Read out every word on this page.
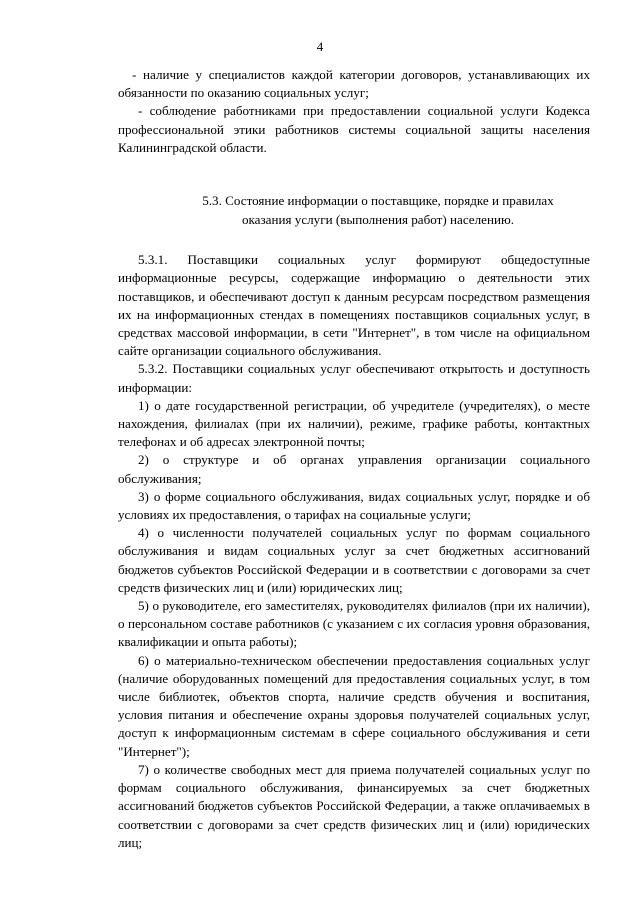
4

- наличие у специалистов каждой категории договоров, устанавливающих их обязанности по оказанию социальных услуг;

- соблюдение работниками при предоставлении социальной услуги Кодекса профессиональной этики работников системы социальной защиты населения Калининградской области.

5.3. Состояние информации о поставщике, порядке и правилах
оказания услуги (выполнения работ) населению.

5.3.1. Поставщики социальных услуг формируют общедоступные информационные ресурсы, содержащие информацию о деятельности этих поставщиков, и обеспечивают доступ к данным ресурсам посредством размещения их на информационных стендах в помещениях поставщиков социальных услуг, в средствах массовой информации, в сети "Интернет", в том числе на официальном сайте организации социального обслуживания.

5.3.2. Поставщики социальных услуг обеспечивают открытость и доступность информации:

1) о дате государственной регистрации, об учредителе (учредителях), о месте нахождения, филиалах (при их наличии), режиме, графике работы, контактных телефонах и об адресах электронной почты;

2) о структуре и об органах управления организации социального обслуживания;

3) о форме социального обслуживания, видах социальных услуг, порядке и об условиях их предоставления, о тарифах на социальные услуги;

4) о численности получателей социальных услуг по формам социального обслуживания и видам социальных услуг за счет бюджетных ассигнований бюджетов субъектов Российской Федерации и в соответствии с договорами за счет средств физических лиц и (или) юридических лиц;

5) о руководителе, его заместителях, руководителях филиалов (при их наличии), о персональном составе работников (с указанием с их согласия уровня образования, квалификации и опыта работы);

6) о материально-техническом обеспечении предоставления социальных услуг (наличие оборудованных помещений для предоставления социальных услуг, в том числе библиотек, объектов спорта, наличие средств обучения и воспитания, условия питания и обеспечение охраны здоровья получателей социальных услуг, доступ к информационным системам в сфере социального обслуживания и сети "Интернет");

7) о количестве свободных мест для приема получателей социальных услуг по формам социального обслуживания, финансируемых за счет бюджетных ассигнований бюджетов субъектов Российской Федерации, а также оплачиваемых в соответствии с договорами за счет средств физических лиц и (или) юридических лиц;
